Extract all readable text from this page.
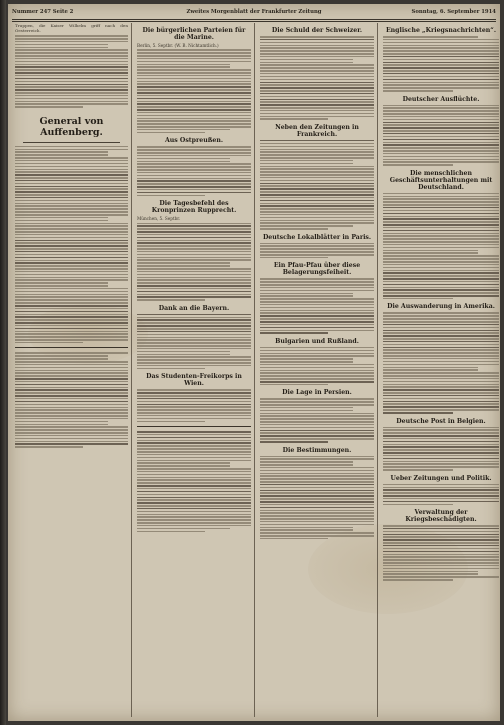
Nummer 247 Seite 2	Zweites Morgenblatt der Frankfurter Zeitung	Sonntag, 6. September 1914
Truppen, die Kaiser Wilhelm griff nach den Oesterreich.
General von Auffenberg.
Die bürgerlichen Parteien für die Marine.
Berlin, 5. Septbr. (W. B. Nichtamtlich.)
Aus Ostpreußen.
Die Tagesbefehl des Kronprinzen Rupprecht.
München, 5. Septbr.
Dank an die Bayern.
Das Studenten-Freikorps in Wien.
Die Schuld der Schweizer.
Neben den Zeitungen in Frankreich.
Deutsche Lokalblätter in Paris.
Ein Pfau-Pfau über diese Belagerungsfeiheit.
Bulgarien und Rußland.
Die Lage in Persien.
Die Bestimmungen.
Englische „Kriegsnachrichten“.
Deutscher Ausflüchte.
Die menschlichen Geschäftsunterhaltungen mit Deutschland.
Die Auswanderung in Amerika.
Deutsche Post in Belgien.
Ueber Zeitungen und Politik.
Verwaltung der Kriegsbeschädigten.
